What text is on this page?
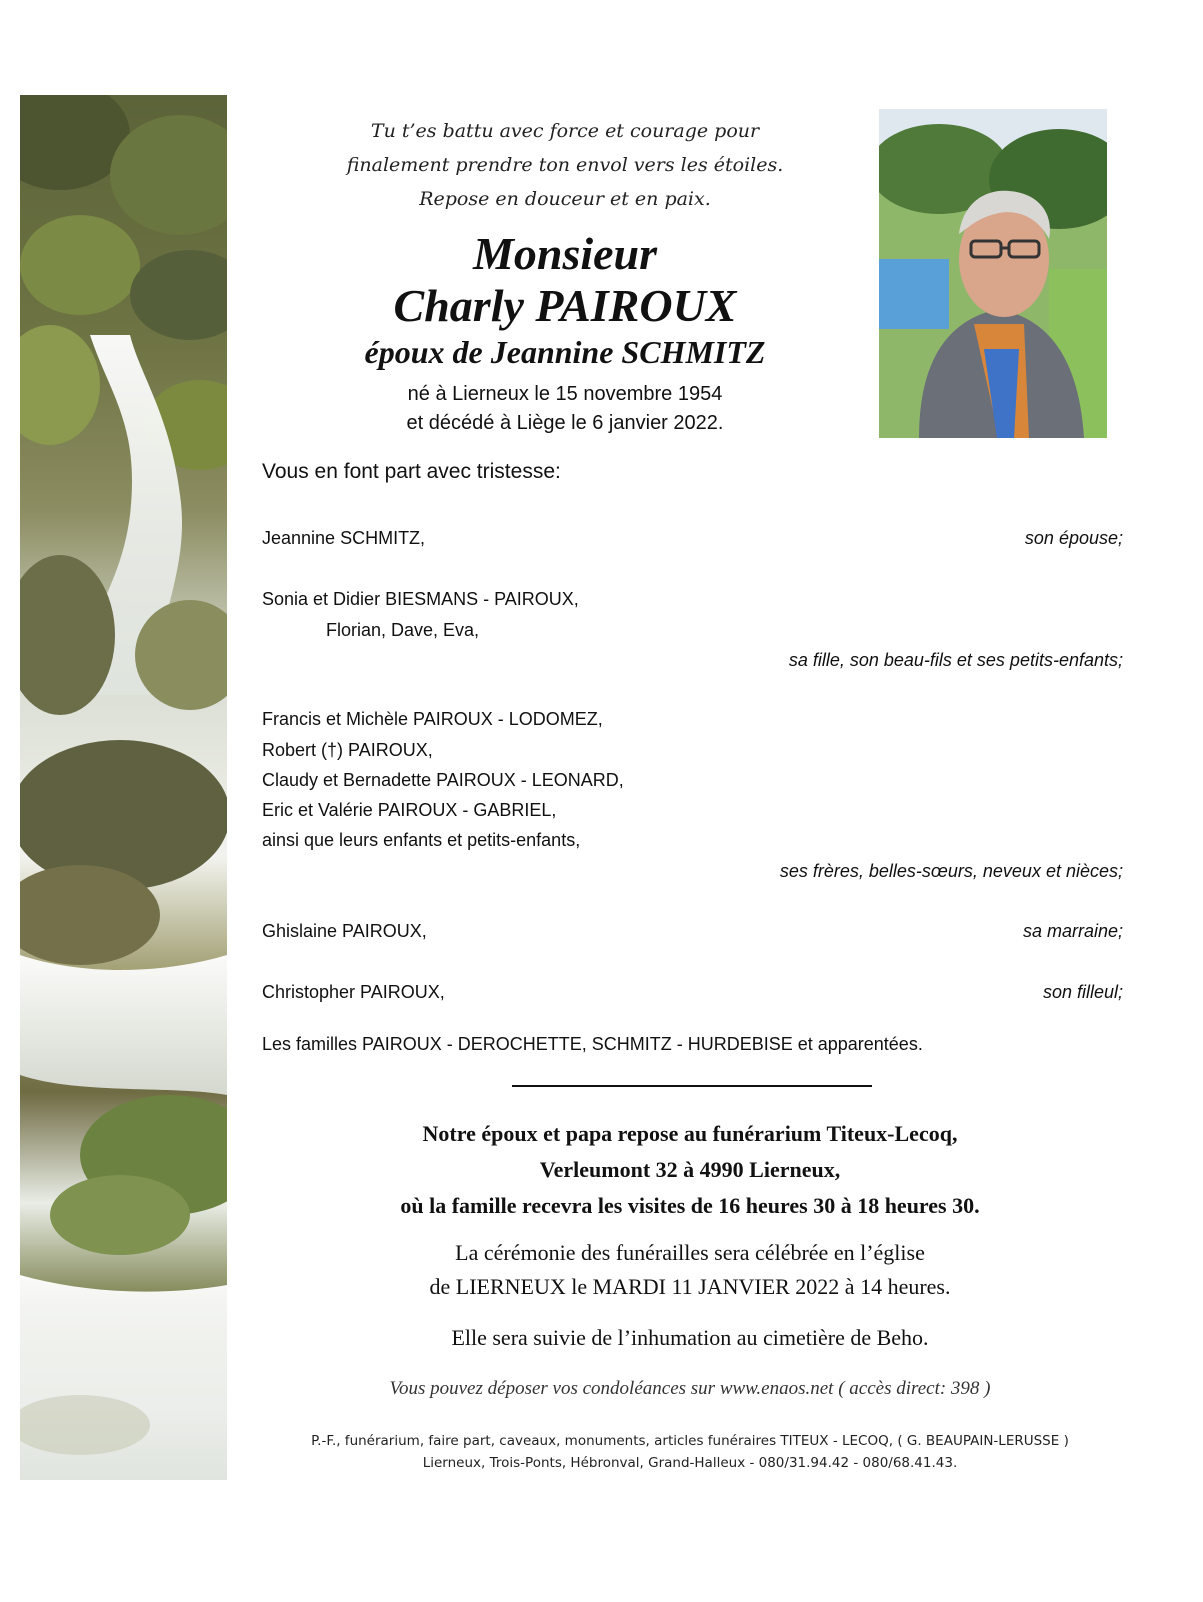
Tu t’es battu avec force et courage pour
finalement prendre ton envol vers les étoiles.
Repose en douceur et en paix.
Monsieur
Charly PAIROUX
époux de Jeannine SCHMITZ
né à Lierneux le 15 novembre 1954
et décédé à Liège le 6 janvier 2022.
Vous en font part avec tristesse:
Jeannine SCHMITZ,	son épouse;
Sonia et Didier BIESMANS - PAIROUX,
Florian, Dave, Eva,
sa fille, son beau-fils et ses petits-enfants;
Francis et Michèle PAIROUX - LODOMEZ,
Robert (†) PAIROUX,
Claudy et Bernadette PAIROUX - LEONARD,
Eric et Valérie PAIROUX - GABRIEL,
ainsi que leurs enfants et petits-enfants,
ses frères, belles-sœurs, neveux et nièces;
Ghislaine PAIROUX,	sa marraine;
Christopher PAIROUX,	son filleul;
Les familles PAIROUX - DEROCHETTE, SCHMITZ - HURDEBISE et apparentées.
Notre époux et papa repose au funérarium Titeux-Lecoq,
Verleumont 32 à 4990 Lierneux,
où la famille recevra les visites de 16 heures 30 à 18 heures 30.
La cérémonie des funérailles sera célébrée en l’église
de LIERNEUX le MARDI 11 JANVIER 2022 à 14 heures.
Elle sera suivie de l’inhumation au cimetière de Beho.
Vous pouvez déposer vos condoléances sur www.enaos.net ( accès direct: 398 )
P.-F., funérarium, faire part, caveaux, monuments, articles funéraires TITEUX - LECOQ, ( G. BEAUPAIN-LERUSSE )
Lierneux, Trois-Ponts, Hébronval, Grand-Halleux - 080/31.94.42 - 080/68.41.43.
